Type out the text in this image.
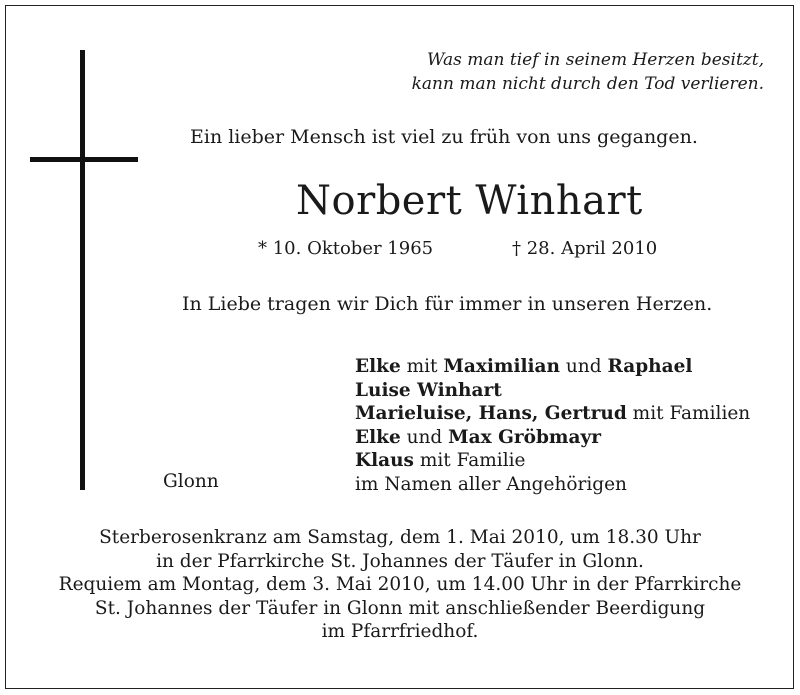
Was man tief in seinem Herzen besitzt,
kann man nicht durch den Tod verlieren.
Ein lieber Mensch ist viel zu früh von uns gegangen.
Norbert Winhart
* 10. Oktober 1965	† 28. April 2010
In Liebe tragen wir Dich für immer in unseren Herzen.
Elke mit Maximilian und Raphael
Luise Winhart
Marieluise, Hans, Gertrud mit Familien
Elke und Max Gröbmayr
Klaus mit Familie
im Namen aller Angehörigen
Glonn
Sterberosenkranz am Samstag, dem 1. Mai 2010, um 18.30 Uhr
in der Pfarrkirche St. Johannes der Täufer in Glonn.
Requiem am Montag, dem 3. Mai 2010, um 14.00 Uhr in der Pfarrkirche
St. Johannes der Täufer in Glonn mit anschließender Beerdigung
im Pfarrfriedhof.
